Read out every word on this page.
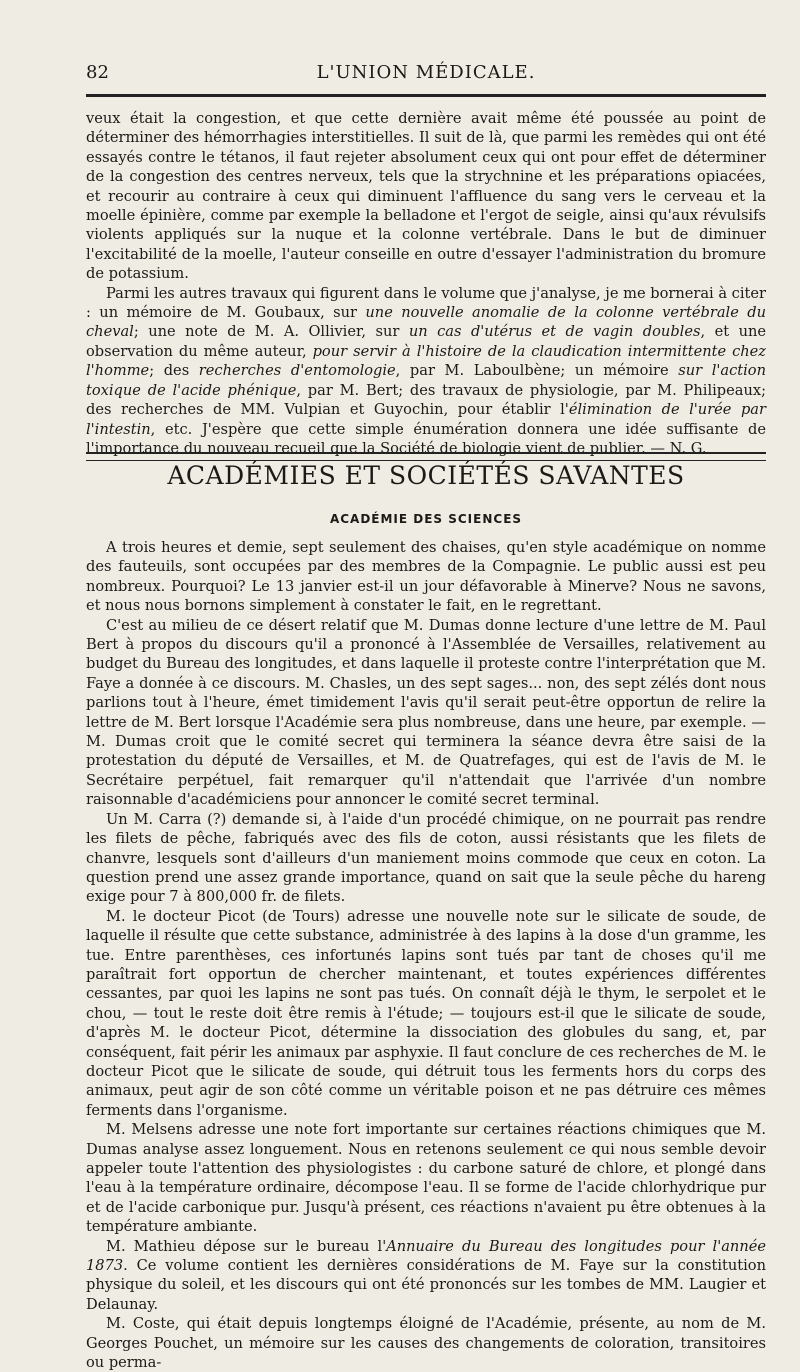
82	L'UNION MÉDICALE.

veux était la congestion, et que cette dernière avait même été poussée au point de déterminer des hémorrhagies interstitielles. Il suit de là, que parmi les remèdes qui ont été essayés contre le tétanos, il faut rejeter absolument ceux qui ont pour effet de déterminer de la congestion des centres nerveux, tels que la strychnine et les préparations opiacées, et recourir au contraire à ceux qui diminuent l'affluence du sang vers le cerveau et la moelle épinière, comme par exemple la belladone et l'ergot de seigle, ainsi qu'aux révulsifs violents appliqués sur la nuque et la colonne vertébrale. Dans le but de diminuer l'excitabilité de la moelle, l'auteur conseille en outre d'essayer l'administration du bromure de potassium.

Parmi les autres travaux qui figurent dans le volume que j'analyse, je me bornerai à citer : un mémoire de M. Goubaux, sur une nouvelle anomalie de la colonne vertébrale du cheval; une note de M. A. Ollivier, sur un cas d'utérus et de vagin doubles, et une observation du même auteur, pour servir à l'histoire de la claudication intermittente chez l'homme; des recherches d'entomologie, par M. Laboulbène; un mémoire sur l'action toxique de l'acide phénique, par M. Bert; des travaux de physiologie, par M. Philipeaux; des recherches de MM. Vulpian et Guyochin, pour établir l'élimination de l'urée par l'intestin, etc. J'espère que cette simple énumération donnera une idée suffisante de l'importance du nouveau recueil que la Société de biologie vient de publier. — N. G.

ACADÉMIES ET SOCIÉTÉS SAVANTES
ACADÉMIE DES SCIENCES

A trois heures et demie, sept seulement des chaises, qu'en style académique on nomme des fauteuils, sont occupées par des membres de la Compagnie. Le public aussi est peu nombreux. Pourquoi? Le 13 janvier est-il un jour défavorable à Minerve? Nous ne savons, et nous nous bornons simplement à constater le fait, en le regrettant.

C'est au milieu de ce désert relatif que M. Dumas donne lecture d'une lettre de M. Paul Bert à propos du discours qu'il a prononcé à l'Assemblée de Versailles, relativement au budget du Bureau des longitudes, et dans laquelle il proteste contre l'interprétation que M. Faye a donnée à ce discours. M. Chasles, un des sept sages... non, des sept zélés dont nous parlions tout à l'heure, émet timidement l'avis qu'il serait peut-être opportun de relire la lettre de M. Bert lorsque l'Académie sera plus nombreuse, dans une heure, par exemple. — M. Dumas croit que le comité secret qui terminera la séance devra être saisi de la protestation du député de Versailles, et M. de Quatrefages, qui est de l'avis de M. le Secrétaire perpétuel, fait remarquer qu'il n'attendait que l'arrivée d'un nombre raisonnable d'académiciens pour annoncer le comité secret terminal.

Un M. Carra (?) demande si, à l'aide d'un procédé chimique, on ne pourrait pas rendre les filets de pêche, fabriqués avec des fils de coton, aussi résistants que les filets de chanvre, lesquels sont d'ailleurs d'un maniement moins commode que ceux en coton. La question prend une assez grande importance, quand on sait que la seule pêche du hareng exige pour 7 à 800,000 fr. de filets.

M. le docteur Picot (de Tours) adresse une nouvelle note sur le silicate de soude, de laquelle il résulte que cette substance, administrée à des lapins à la dose d'un gramme, les tue. Entre parenthèses, ces infortunés lapins sont tués par tant de choses qu'il me paraîtrait fort opportun de chercher maintenant, et toutes expériences différentes cessantes, par quoi les lapins ne sont pas tués. On connaît déjà le thym, le serpolet et le chou, — tout le reste doit être remis à l'étude; — toujours est-il que le silicate de soude, d'après M. le docteur Picot, détermine la dissociation des globules du sang, et, par conséquent, fait périr les animaux par asphyxie. Il faut conclure de ces recherches de M. le docteur Picot que le silicate de soude, qui détruit tous les ferments hors du corps des animaux, peut agir de son côté comme un véritable poison et ne pas détruire ces mêmes ferments dans l'organisme.

M. Melsens adresse une note fort importante sur certaines réactions chimiques que M. Dumas analyse assez longuement. Nous en retenons seulement ce qui nous semble devoir appeler toute l'attention des physiologistes : du carbone saturé de chlore, et plongé dans l'eau à la température ordinaire, décompose l'eau. Il se forme de l'acide chlorhydrique pur et de l'acide carbonique pur. Jusqu'à présent, ces réactions n'avaient pu être obtenues à la température ambiante.

M. Mathieu dépose sur le bureau l'Annuaire du Bureau des longitudes pour l'année 1873. Ce volume contient les dernières considérations de M. Faye sur la constitution physique du soleil, et les discours qui ont été prononcés sur les tombes de MM. Laugier et Delaunay.

M. Coste, qui était depuis longtemps éloigné de l'Académie, présente, au nom de M. Georges Pouchet, un mémoire sur les causes des changements de coloration, transitoires ou perma-
